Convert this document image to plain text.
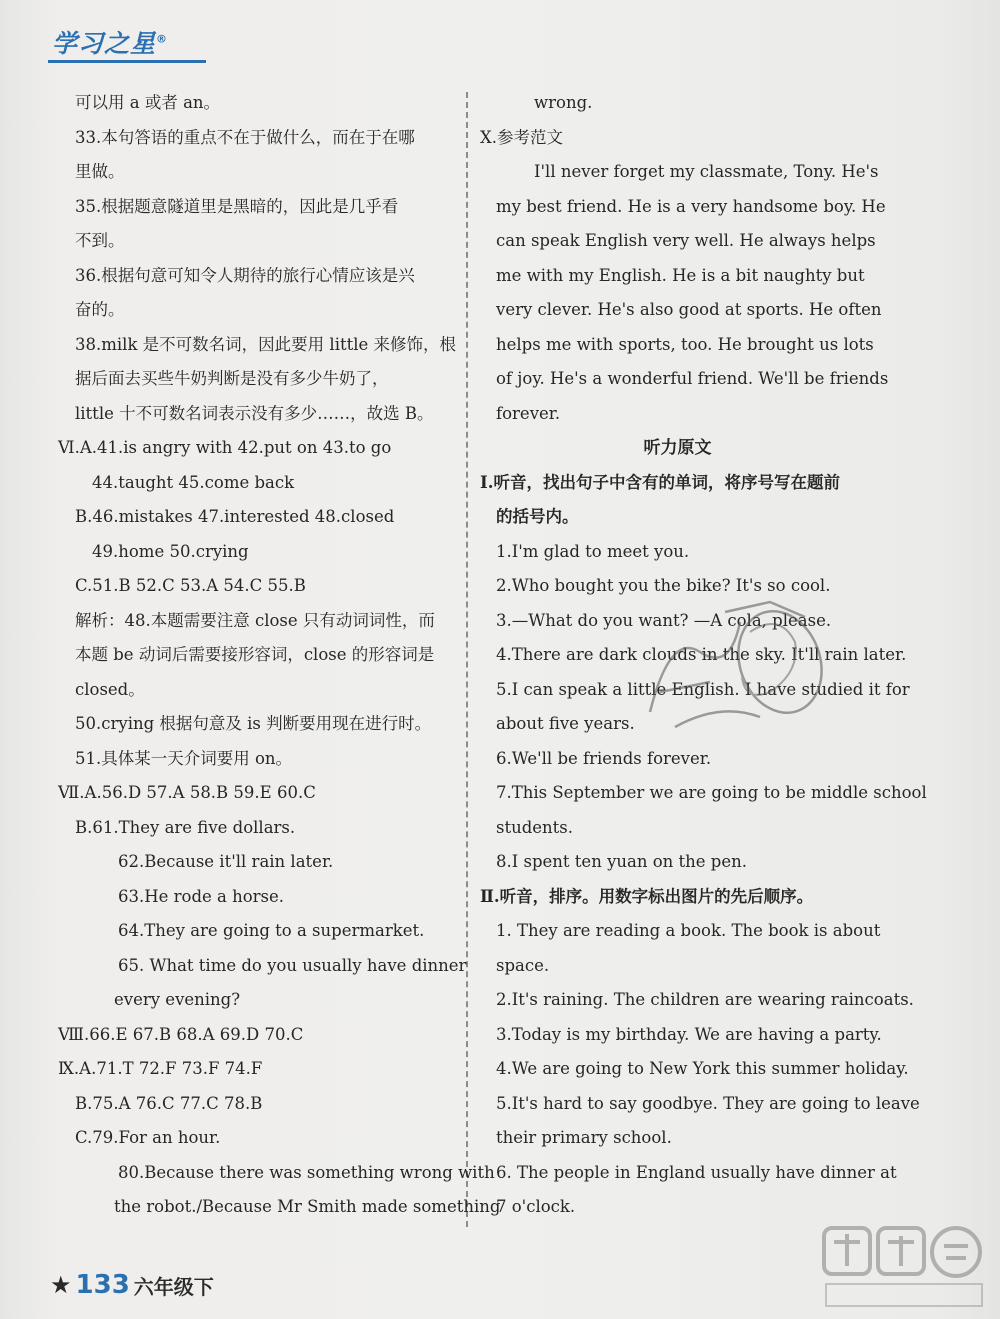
学习之星®
可以用 a 或者 an。
33.本句答语的重点不在于做什么，而在于在哪
里做。
35.根据题意隧道里是黑暗的，因此是几乎看
不到。
36.根据句意可知令人期待的旅行心情应该是兴
奋的。
38.milk 是不可数名词，因此要用 little 来修饰，根
据后面去买些牛奶判断是没有多少牛奶了，
little 十不可数名词表示没有多少……，故选 B。
Ⅵ.A.41.is angry with 42.put on 43.to go
44.taught 45.come back
B.46.mistakes 47.interested 48.closed
49.home 50.crying
C.51.B 52.C 53.A 54.C 55.B
解析：48.本题需要注意 close 只有动词词性，而
本题 be 动词后需要接形容词，close 的形容词是
closed。
50.crying 根据句意及 is 判断要用现在进行时。
51.具体某一天介词要用 on。
Ⅶ.A.56.D 57.A 58.B 59.E 60.C
B.61.They are five dollars.
62.Because it'll rain later.
63.He rode a horse.
64.They are going to a supermarket.
65. What time do you usually have dinner
every evening?
Ⅷ.66.E 67.B 68.A 69.D 70.C
Ⅸ.A.71.T 72.F 73.F 74.F
B.75.A 76.C 77.C 78.B
C.79.For an hour.
80.Because there was something wrong with
the robot./Because Mr Smith made something
wrong.
Ⅹ.参考范文
I'll never forget my classmate, Tony. He's
my best friend. He is a very handsome boy. He
can speak English very well. He always helps
me with my English. He is a bit naughty but
very clever. He's also good at sports. He often
helps me with sports, too. He brought us lots
of joy. He's a wonderful friend. We'll be friends
forever.
听力原文
Ⅰ.听音，找出句子中含有的单词，将序号写在题前
的括号内。
1.I'm glad to meet you.
2.Who bought you the bike? It's so cool.
3.—What do you want? —A cola, please.
4.There are dark clouds in the sky. It'll rain later.
5.I can speak a little English. I have studied it for
about five years.
6.We'll be friends forever.
7.This September we are going to be middle school
students.
8.I spent ten yuan on the pen.
Ⅱ.听音，排序。用数字标出图片的先后顺序。
1. They are reading a book. The book is about
space.
2.It's raining. The children are wearing raincoats.
3.Today is my birthday. We are having a party.
4.We are going to New York this summer holiday.
5.It's hard to say goodbye. They are going to leave
their primary school.
6. The people in England usually have dinner at
7 o'clock.
★ 133 六年级下
